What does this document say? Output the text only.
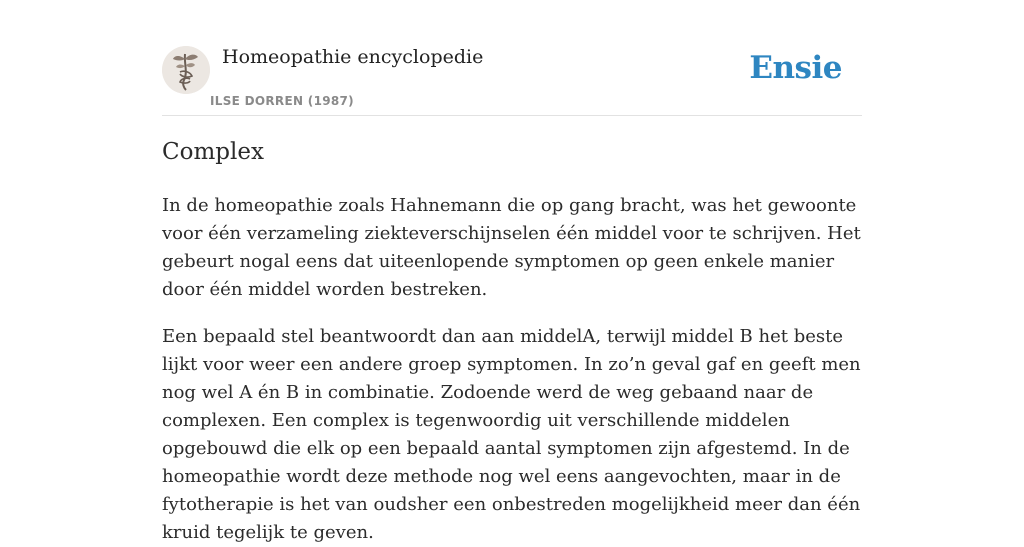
Homeopathie encyclopedie
ILSE DORREN (1987)
Ensie
Complex

In de homeopathie zoals Hahnemann die op gang bracht, was het gewoonte voor één verzameling ziekteverschijnselen één middel voor te schrijven. Het gebeurt nogal eens dat uiteenlopende symptomen op geen enkele manier door één middel worden bestreken.

Een bepaald stel beantwoordt dan aan middelA, terwijl middel B het beste lijkt voor weer een andere groep symptomen. In zo’n geval gaf en geeft men nog wel A én B in combinatie. Zodoende werd de weg gebaand naar de complexen. Een complex is tegenwoordig uit verschillende middelen opgebouwd die elk op een bepaald aantal symptomen zijn afgestemd. In de homeopathie wordt deze methode nog wel eens aangevochten, maar in de fytotherapie is het van oudsher een onbestreden mogelijkheid meer dan één kruid tegelijk te geven.
